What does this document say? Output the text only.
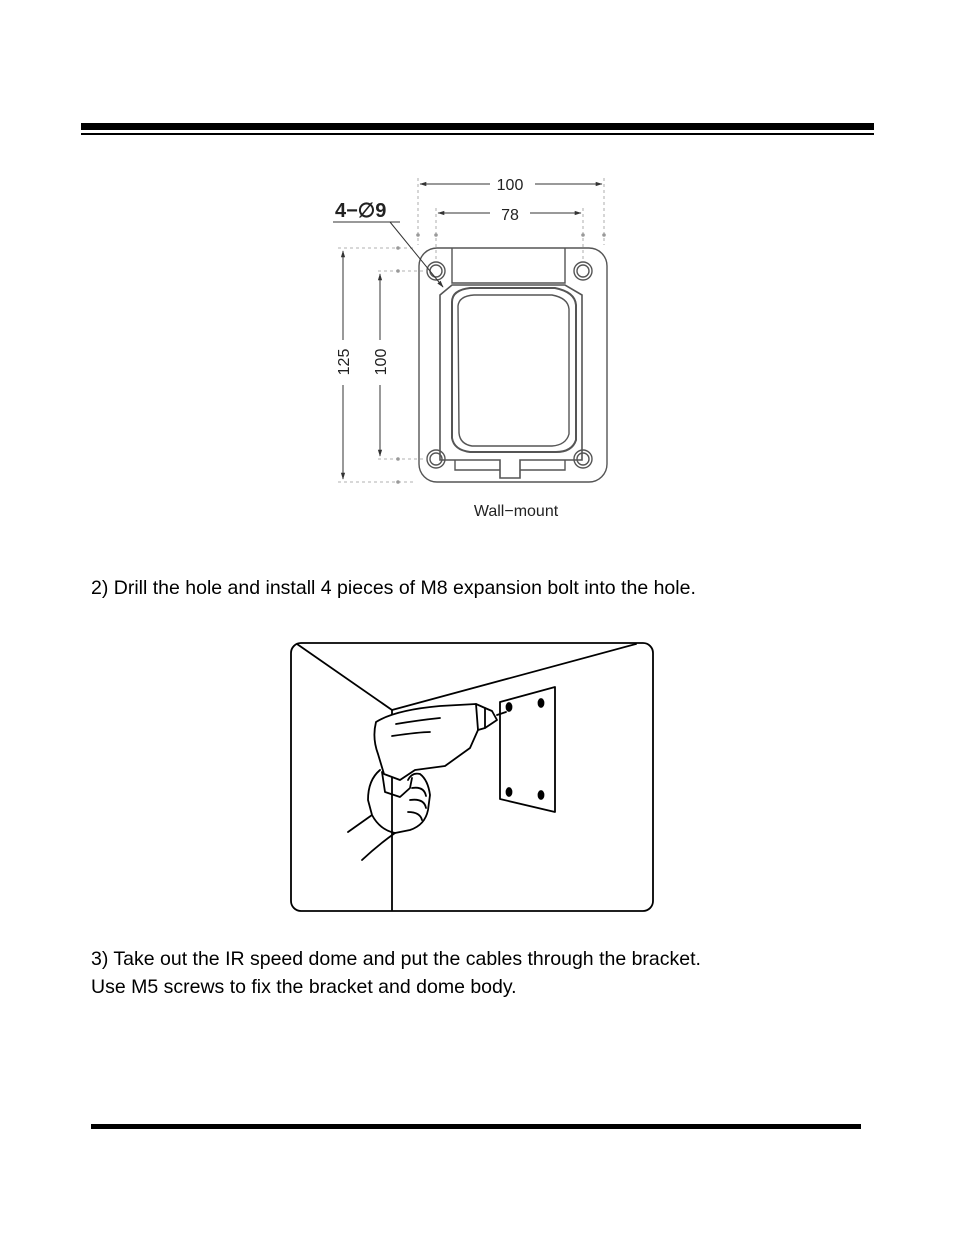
100
78
125 100
4−∅9
Wall−mount
2) Drill the hole and install 4 pieces of M8 expansion bolt into the hole.
3) Take out the IR speed dome and put the cables through the bracket.
Use M5 screws to fix the bracket and dome body.
